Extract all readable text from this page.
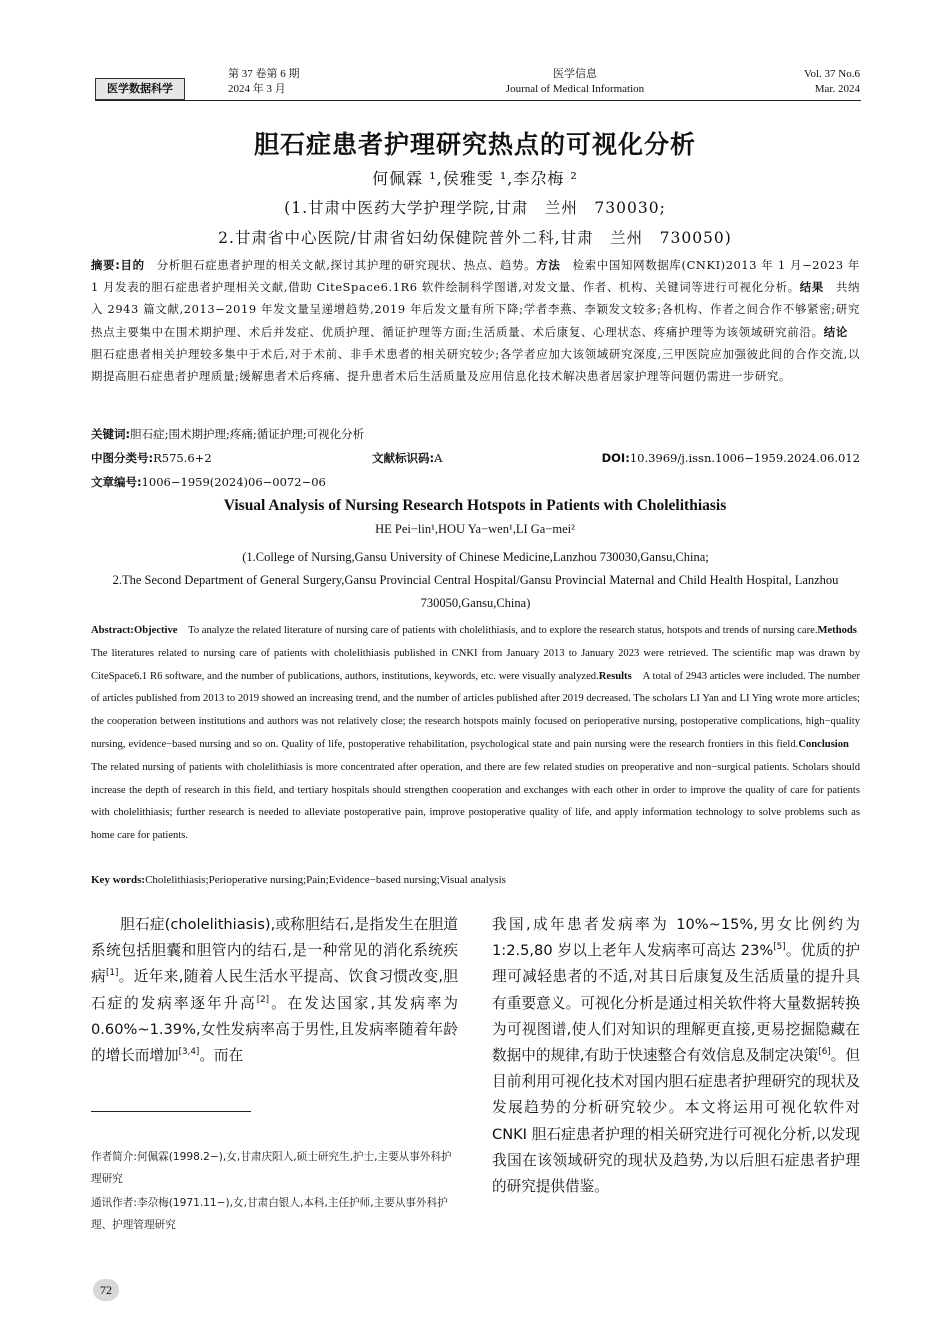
医学数据科学
第 37 卷第 6 期
2024 年 3 月
医学信息
Journal of Medical Information
Vol. 37 No.6
Mar. 2024
胆石症患者护理研究热点的可视化分析
何佩霖 ¹,侯雅雯 ¹,李尕梅 ²
(1.甘肃中医药大学护理学院,甘肃　兰州　730030;
2.甘肃省中心医院/甘肃省妇幼保健院普外二科,甘肃　兰州　730050)
摘要:目的　分析胆石症患者护理的相关文献,探讨其护理的研究现状、热点、趋势。方法　检索中国知网数据库(CNKI)2013 年 1 月−2023 年 1 月发表的胆石症患者护理相关文献,借助 CiteSpace6.1R6 软件绘制科学图谱,对发文量、作者、机构、关键词等进行可视化分析。结果　共纳入 2943 篇文献,2013−2019 年发文量呈递增趋势,2019 年后发文量有所下降;学者李燕、李颖发文较多;各机构、作者之间合作不够紧密;研究热点主要集中在围术期护理、术后并发症、优质护理、循证护理等方面;生活质量、术后康复、心理状态、疼痛护理等为该领域研究前沿。结论　胆石症患者相关护理较多集中于术后,对于术前、非手术患者的相关研究较少;各学者应加大该领域研究深度,三甲医院应加强彼此间的合作交流,以期提高胆石症患者护理质量;缓解患者术后疼痛、提升患者术后生活质量及应用信息化技术解决患者居家护理等问题仍需进一步研究。
关键词:胆石症;围术期护理;疼痛;循证护理;可视化分析
中图分类号:R575.6+2	文献标识码:A	DOI:10.3969/j.issn.1006−1959.2024.06.012
文章编号:1006−1959(2024)06−0072−06
Visual Analysis of Nursing Research Hotspots in Patients with Cholelithiasis
HE Pei−lin¹,HOU Ya−wen¹,LI Ga−mei²
(1.College of Nursing,Gansu University of Chinese Medicine,Lanzhou 730030,Gansu,China;
2.The Second Department of General Surgery,Gansu Provincial Central Hospital/Gansu Provincial Maternal and Child Health Hospital, Lanzhou 730050,Gansu,China)
Abstract:Objective　To analyze the related literature of nursing care of patients with cholelithiasis, and to explore the research status, hotspots and trends of nursing care.Methods　The literatures related to nursing care of patients with cholelithiasis published in CNKI from January 2013 to January 2023 were retrieved. The scientific map was drawn by CiteSpace6.1 R6 software, and the number of publications, authors, institutions, keywords, etc. were visually analyzed.Results　A total of 2943 articles were included. The number of articles published from 2013 to 2019 showed an increasing trend, and the number of articles published after 2019 decreased. The scholars LI Yan and LI Ying wrote more articles; the cooperation between institutions and authors was not relatively close; the research hotspots mainly focused on perioperative nursing, postoperative complications, high−quality nursing, evidence−based nursing and so on. Quality of life, postoperative rehabilitation, psychological state and pain nursing were the research frontiers in this field.Conclusion　The related nursing of patients with cholelithiasis is more concentrated after operation, and there are few related studies on preoperative and non−surgical patients. Scholars should increase the depth of research in this field, and tertiary hospitals should strengthen cooperation and exchanges with each other in order to improve the quality of care for patients with cholelithiasis; further research is needed to alleviate postoperative pain, improve postoperative quality of life, and apply information technology to solve problems such as home care for patients.
Key words:Cholelithiasis;Perioperative nursing;Pain;Evidence−based nursing;Visual analysis
胆石症(cholelithiasis),或称胆结石,是指发生在胆道系统包括胆囊和胆管内的结石,是一种常见的消化系统疾病[1]。近年来,随着人民生活水平提高、饮食习惯改变,胆石症的发病率逐年升高[2]。在发达国家,其发病率为 0.60%~1.39%,女性发病率高于男性,且发病率随着年龄的增长而增加[3,4]。而在
我国,成年患者发病率为 10%~15%,男女比例约为 1:2.5,80 岁以上老年人发病率可高达 23%[5]。优质的护理可减轻患者的不适,对其日后康复及生活质量的提升具有重要意义。可视化分析是通过相关软件将大量数据转换为可视图谱,使人们对知识的理解更直接,更易挖掘隐藏在数据中的规律,有助于快速整合有效信息及制定决策[6]。但目前利用可视化技术对国内胆石症患者护理研究的现状及发展趋势的分析研究较少。本文将运用可视化软件对 CNKI 胆石症患者护理的相关研究进行可视化分析,以发现我国在该领域研究的现状及趋势,为以后胆石症患者护理的研究提供借鉴。
作者简介:何佩霖(1998.2−),女,甘肃庆阳人,硕士研究生,护士,主要从事外科护理研究
通讯作者:李尕梅(1971.11−),女,甘肃白银人,本科,主任护师,主要从事外科护理、护理管理研究
72
